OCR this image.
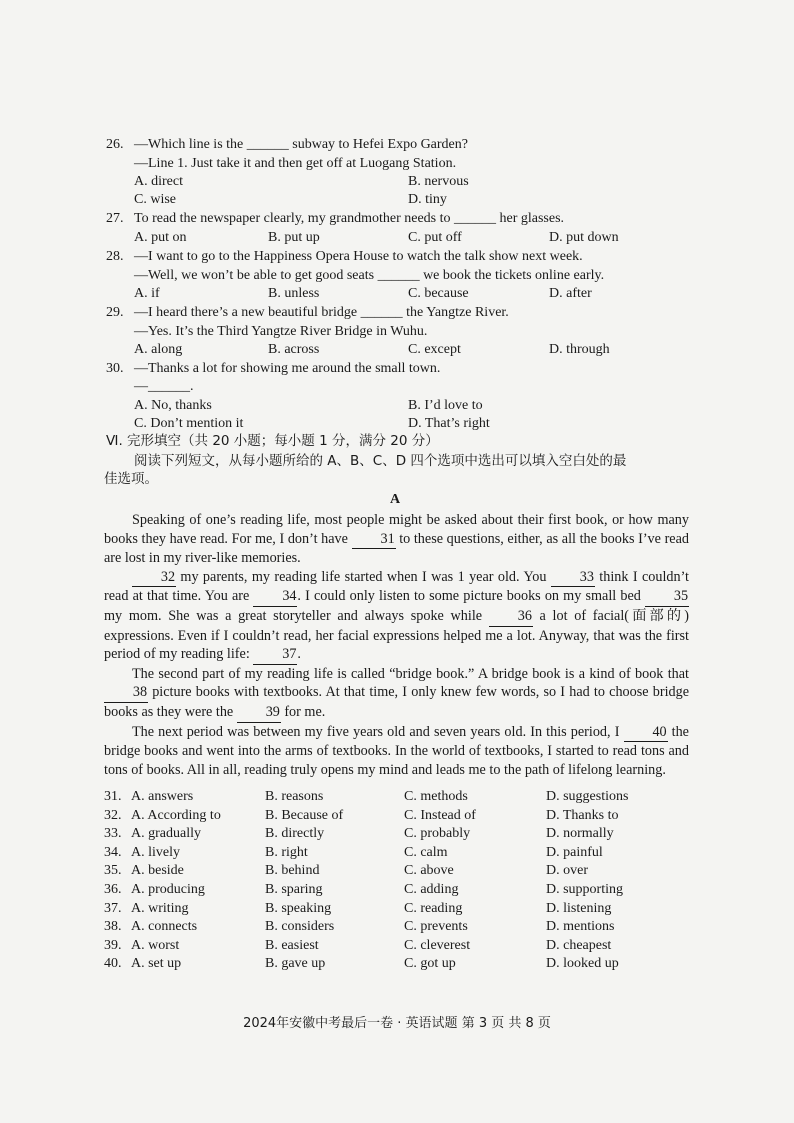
26. —Which line is the ______ subway to Hefei Expo Garden?
—Line 1. Just take it and then get off at Luogang Station.
A. direct	B. nervous
C. wise	D. tiny
27. To read the newspaper clearly, my grandmother needs to ______ her glasses.
A. put on	B. put up	C. put off	D. put down
28. —I want to go to the Happiness Opera House to watch the talk show next week.
—Well, we won’t be able to get good seats ______ we book the tickets online early.
A. if	B. unless	C. because	D. after
29. —I heard there’s a new beautiful bridge ______ the Yangtze River.
—Yes. It’s the Third Yangtze River Bridge in Wuhu.
A. along	B. across	C. except	D. through
30. —Thanks a lot for showing me around the small town.
—______.
A. No, thanks	B. I’d love to
C. Don’t mention it	D. That’s right
Ⅵ. 完形填空（共 20 小题；每小题 1 分，满分 20 分）
阅读下列短文，从每小题所给的 A、B、C、D 四个选项中选出可以填入空白处的最
佳选项。
A

Speaking of one’s reading life, most people might be asked about their first book, or how many books they have read. For me, I don’t have 31 to these questions, either, as all the books I’ve read are lost in my river-like memories.

32 my parents, my reading life started when I was 1 year old. You 33 think I couldn’t read at that time. You are 34. I could only listen to some picture books on my small bed 35 my mom. She was a great storyteller and always spoke while 36 a lot of facial(面部的) expressions. Even if I couldn’t read, her facial expressions helped me a lot. Anyway, that was the first period of my reading life: 37.

The second part of my reading life is called “bridge book.” A bridge book is a kind of book that 38 picture books with textbooks. At that time, I only knew few words, so I had to choose bridge books as they were the 39 for me.

The next period was between my five years old and seven years old. In this period, I 40 the bridge books and went into the arms of textbooks. In the world of textbooks, I started to read tons and tons of books. All in all, reading truly opens my mind and leads me to the path of lifelong learning.

31. A. answers	B. reasons	C. methods	D. suggestions
32. A. According to	B. Because of	C. Instead of	D. Thanks to
33. A. gradually	B. directly	C. probably	D. normally
34. A. lively	B. right	C. calm	D. painful
35. A. beside	B. behind	C. above	D. over
36. A. producing	B. sparing	C. adding	D. supporting
37. A. writing	B. speaking	C. reading	D. listening
38. A. connects	B. considers	C. prevents	D. mentions
39. A. worst	B. easiest	C. cleverest	D. cheapest
40. A. set up	B. gave up	C. got up	D. looked up
2024年安徽中考最后一卷 · 英语试题 第 3 页 共 8 页
